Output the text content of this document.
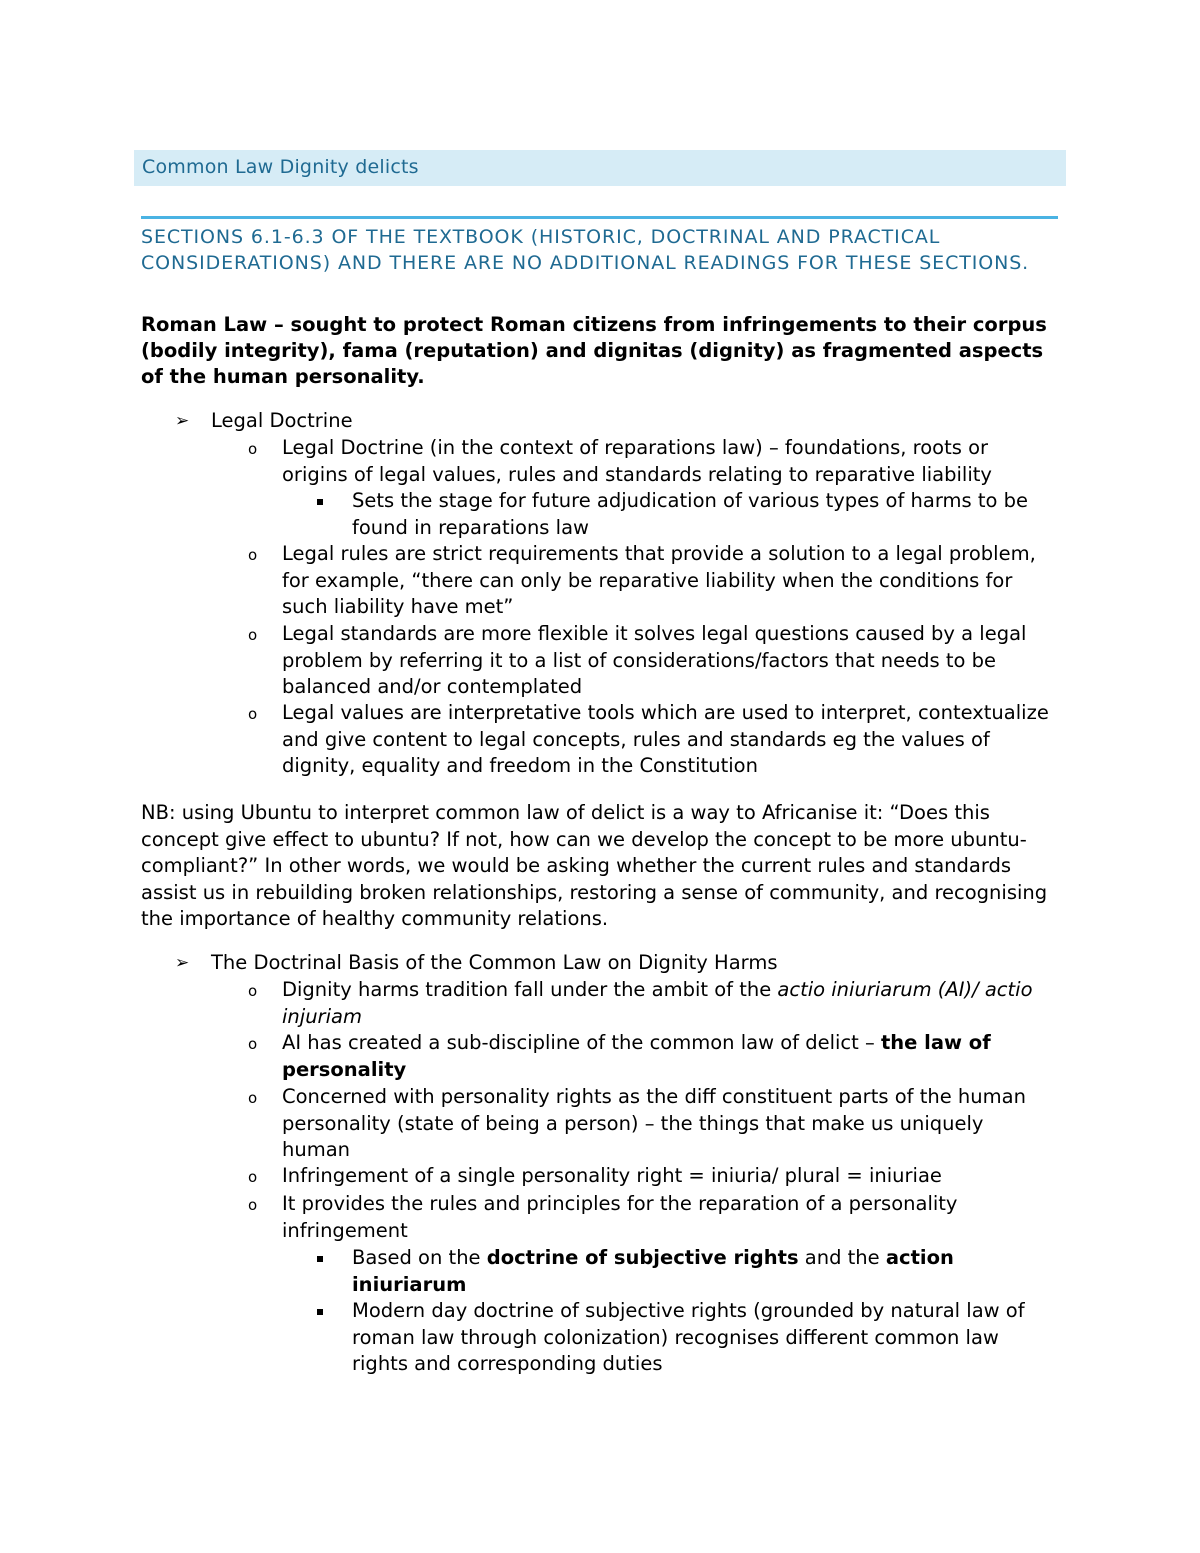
Common Law Dignity delicts
SECTIONS 6.1-6.3 OF THE TEXTBOOK (HISTORIC, DOCTRINAL AND PRACTICAL CONSIDERATIONS) AND THERE ARE NO ADDITIONAL READINGS FOR THESE SECTIONS.
Roman Law – sought to protect Roman citizens from infringements to their corpus (bodily integrity), fama (reputation) and dignitas (dignity) as fragmented aspects of the human personality.
➢ Legal Doctrine
o Legal Doctrine (in the context of reparations law) – foundations, roots or origins of legal values, rules and standards relating to reparative liability
Sets the stage for future adjudication of various types of harms to be found in reparations law
o Legal rules are strict requirements that provide a solution to a legal problem, for example, “there can only be reparative liability when the conditions for such liability have met”
o Legal standards are more flexible it solves legal questions caused by a legal problem by referring it to a list of considerations/factors that needs to be balanced and/or contemplated
o Legal values are interpretative tools which are used to interpret, contextualize and give content to legal concepts, rules and standards eg the values of dignity, equality and freedom in the Constitution
NB: using Ubuntu to interpret common law of delict is a way to Africanise it: “Does this concept give effect to ubuntu? If not, how can we develop the concept to be more ubuntu-compliant?” In other words, we would be asking whether the current rules and standards assist us in rebuilding broken relationships, restoring a sense of community, and recognising the importance of healthy community relations.
➢ The Doctrinal Basis of the Common Law on Dignity Harms
o Dignity harms tradition fall under the ambit of the actio iniuriarum (AI)/ actio injuriam
o AI has created a sub-discipline of the common law of delict – the law of personality
o Concerned with personality rights as the diff constituent parts of the human personality (state of being a person) – the things that make us uniquely human
o Infringement of a single personality right = iniuria/ plural = iniuriae
o It provides the rules and principles for the reparation of a personality infringement
Based on the doctrine of subjective rights and the action iniuriarum
Modern day doctrine of subjective rights (grounded by natural law of roman law through colonization) recognises different common law rights and corresponding duties
